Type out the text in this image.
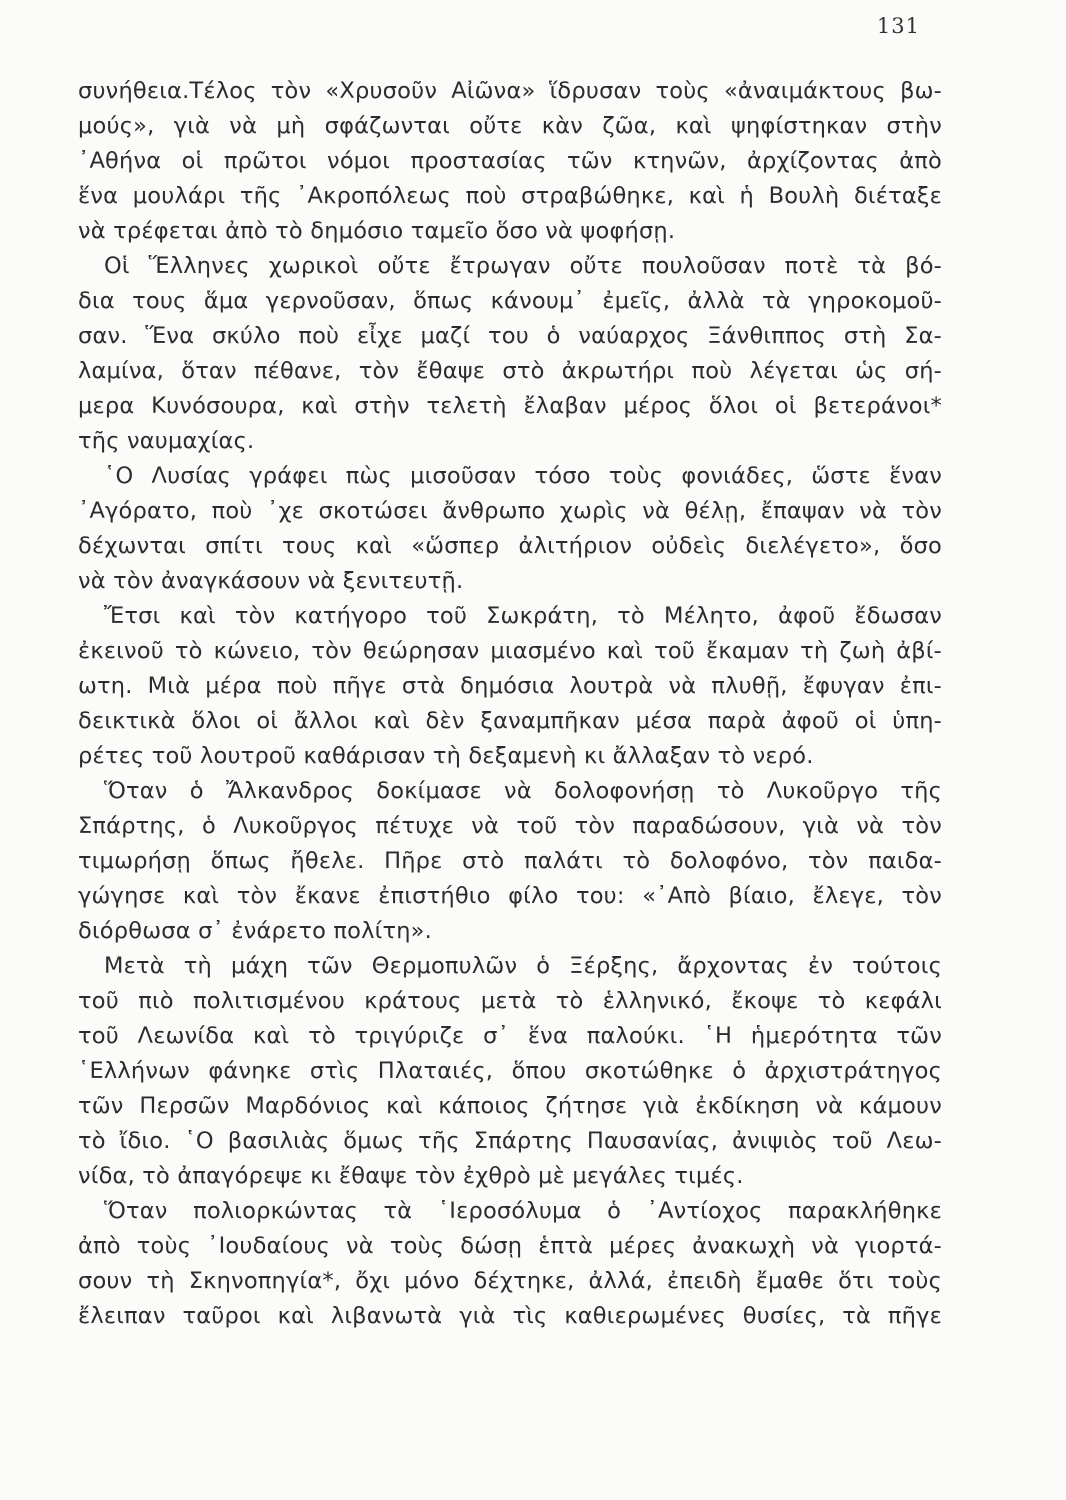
131

συνήθεια.Τέλος τὸν «Χρυσοῦν Αἰῶνα» ἵδρυσαν τοὺς «ἀναιμάκτους βω-
μούς», γιὰ νὰ μὴ σφάζωνται οὔτε κὰν ζῶα, καὶ ψηφίστηκαν στὴν
᾿Αθήνα οἱ πρῶτοι νόμοι προστασίας τῶν κτηνῶν, ἀρχίζοντας ἀπὸ
ἕνα μουλάρι τῆς ᾿Ακροπόλεως ποὺ στραβώθηκε, καὶ ἡ Βουλὴ διέταξε
νὰ τρέφεται ἀπὸ τὸ δημόσιο ταμεῖο ὅσο νὰ ψοφήσῃ.

Οἱ Ἕλληνες χωρικοὶ οὔτε ἔτρωγαν οὔτε πουλοῦσαν ποτὲ τὰ βό-
δια τους ἅμα γερνοῦσαν, ὅπως κάνουμ᾿ ἐμεῖς, ἀλλὰ τὰ γηροκομοῦ-
σαν. Ἕνα σκύλο ποὺ εἶχε μαζί του ὁ ναύαρχος Ξάνθιππος στὴ Σα-
λαμίνα, ὅταν πέθανε, τὸν ἔθαψε στὸ ἀκρωτήρι ποὺ λέγεται ὡς σή-
μερα Κυνόσουρα, καὶ στὴν τελετὴ ἔλαβαν μέρος ὅλοι οἱ βετεράνοι*
τῆς ναυμαχίας.

῾Ο Λυσίας γράφει πὼς μισοῦσαν τόσο τοὺς φονιάδες, ὥστε ἕναν
᾿Αγόρατο, ποὺ ᾿χε σκοτώσει ἄνθρωπο χωρὶς νὰ θέλῃ, ἔπαψαν νὰ τὸν
δέχωνται σπίτι τους καὶ «ὥσπερ ἀλιτήριον οὐδεὶς διελέγετο», ὅσο
νὰ τὸν ἀναγκάσουν νὰ ξενιτευτῇ.

Ἔτσι καὶ τὸν κατήγορο τοῦ Σωκράτη, τὸ Μέλητο, ἀφοῦ ἔδωσαν
ἐκεινοῦ τὸ κώνειο, τὸν θεώρησαν μιασμένο καὶ τοῦ ἔκαμαν τὴ ζωὴ ἀβί-
ωτη. Μιὰ μέρα ποὺ πῆγε στὰ δημόσια λουτρὰ νὰ πλυθῇ, ἔφυγαν ἐπι-
δεικτικὰ ὅλοι οἱ ἄλλοι καὶ δὲν ξαναμπῆκαν μέσα παρὰ ἀφοῦ οἱ ὑπη-
ρέτες τοῦ λουτροῦ καθάρισαν τὴ δεξαμενὴ κι ἄλλαξαν τὸ νερό.

Ὅταν ὁ Ἄλκανδρος δοκίμασε νὰ δολοφονήσῃ τὸ Λυκοῦργο τῆς
Σπάρτης, ὁ Λυκοῦργος πέτυχε νὰ τοῦ τὸν παραδώσουν, γιὰ νὰ τὸν
τιμωρήσῃ ὅπως ἤθελε. Πῆρε στὸ παλάτι τὸ δολοφόνο, τὸν παιδα-
γώγησε καὶ τὸν ἔκανε ἐπιστήθιο φίλο του: «᾿Απὸ βίαιο, ἔλεγε, τὸν
διόρθωσα σ᾿ ἐνάρετο πολίτη».

Μετὰ τὴ μάχη τῶν Θερμοπυλῶν ὁ Ξέρξης, ἄρχοντας ἐν τούτοις
τοῦ πιὸ πολιτισμένου κράτους μετὰ τὸ ἑλληνικό, ἔκοψε τὸ κεφάλι
τοῦ Λεωνίδα καὶ τὸ τριγύριζε σ᾿ ἕνα παλούκι. ῾Η ἡμερότητα τῶν
῾Ελλήνων φάνηκε στὶς Πλαταιές, ὅπου σκοτώθηκε ὁ ἀρχιστράτηγος
τῶν Περσῶν Μαρδόνιος καὶ κάποιος ζήτησε γιὰ ἐκδίκηση νὰ κάμουν
τὸ ἴδιο. ῾Ο βασιλιὰς ὅμως τῆς Σπάρτης Παυσανίας, ἀνιψιὸς τοῦ Λεω-
νίδα, τὸ ἀπαγόρεψε κι ἔθαψε τὸν ἐχθρὸ μὲ μεγάλες τιμές.

Ὅταν πολιορκώντας τὰ ῾Ιεροσόλυμα ὁ ᾿Αντίοχος παρακλήθηκε
ἀπὸ τοὺς ᾿Ιουδαίους νὰ τοὺς δώσῃ ἑπτὰ μέρες ἀνακωχὴ νὰ γιορτά-
σουν τὴ Σκηνοπηγία*, ὄχι μόνο δέχτηκε, ἀλλά, ἐπειδὴ ἔμαθε ὅτι τοὺς
ἔλειπαν ταῦροι καὶ λιβανωτὰ γιὰ τὶς καθιερωμένες θυσίες, τὰ πῆγε
